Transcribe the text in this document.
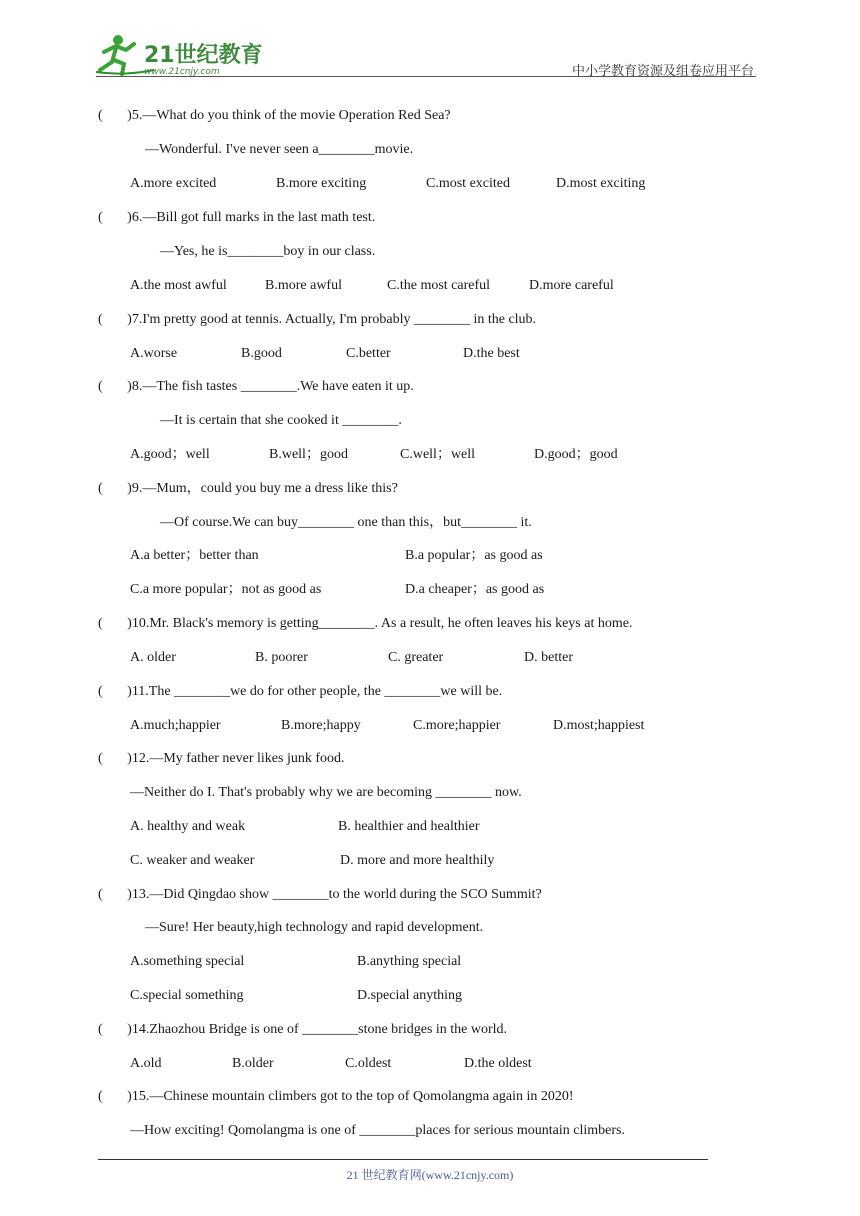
21世纪教育
www.21cnjy.com	中小学教育资源及组卷应用平台
(       )5.—What do you think of the movie Operation Red Sea?
—Wonderful. I've never seen a________movie.
A.more excited	B.more exciting	C.most excited	D.most exciting
(       )6.—Bill got full marks in the last math test.
—Yes, he is________boy in our class.
A.the most awful	B.more awful	C.the most careful	D.more careful
(       )7.I'm pretty good at tennis. Actually, I'm probably ________ in the club.
A.worse	B.good	C.better	D.the best
(       )8.—The fish tastes ________.We have eaten it up.
—It is certain that she cooked it ________.
A.good；well	B.well；good	C.well；well	D.good；good
(       )9.—Mum，could you buy me a dress like this?
—Of course.We can buy________ one than this，but________ it.
A.a better；better than	B.a popular；as good as
C.a more popular；not as good as	D.a cheaper；as good as
(       )10.Mr. Black's memory is getting________. As a result, he often leaves his keys at home.
A. older	B. poorer	C. greater	D. better
(       )11.The ________we do for other people, the ________we will be.
A.much;happier	B.more;happy	C.more;happier	D.most;happiest
(       )12.—My father never likes junk food.
—Neither do I. That's probably why we are becoming ________ now.
A. healthy and weak	B. healthier and healthier
C. weaker and weaker	D. more and more healthily
(       )13.—Did Qingdao show ________to the world during the SCO Summit?
—Sure! Her beauty,high technology and rapid development.
A.something special	B.anything special
C.special something	D.special anything
(       )14.Zhaozhou Bridge is one of ________stone bridges in the world.
A.old	B.older	C.oldest	D.the oldest
(       )15.—Chinese mountain climbers got to the top of Qomolangma again in 2020!
—How exciting! Qomolangma is one of ________places for serious mountain climbers.
21 世纪教育网(www.21cnjy.com)
